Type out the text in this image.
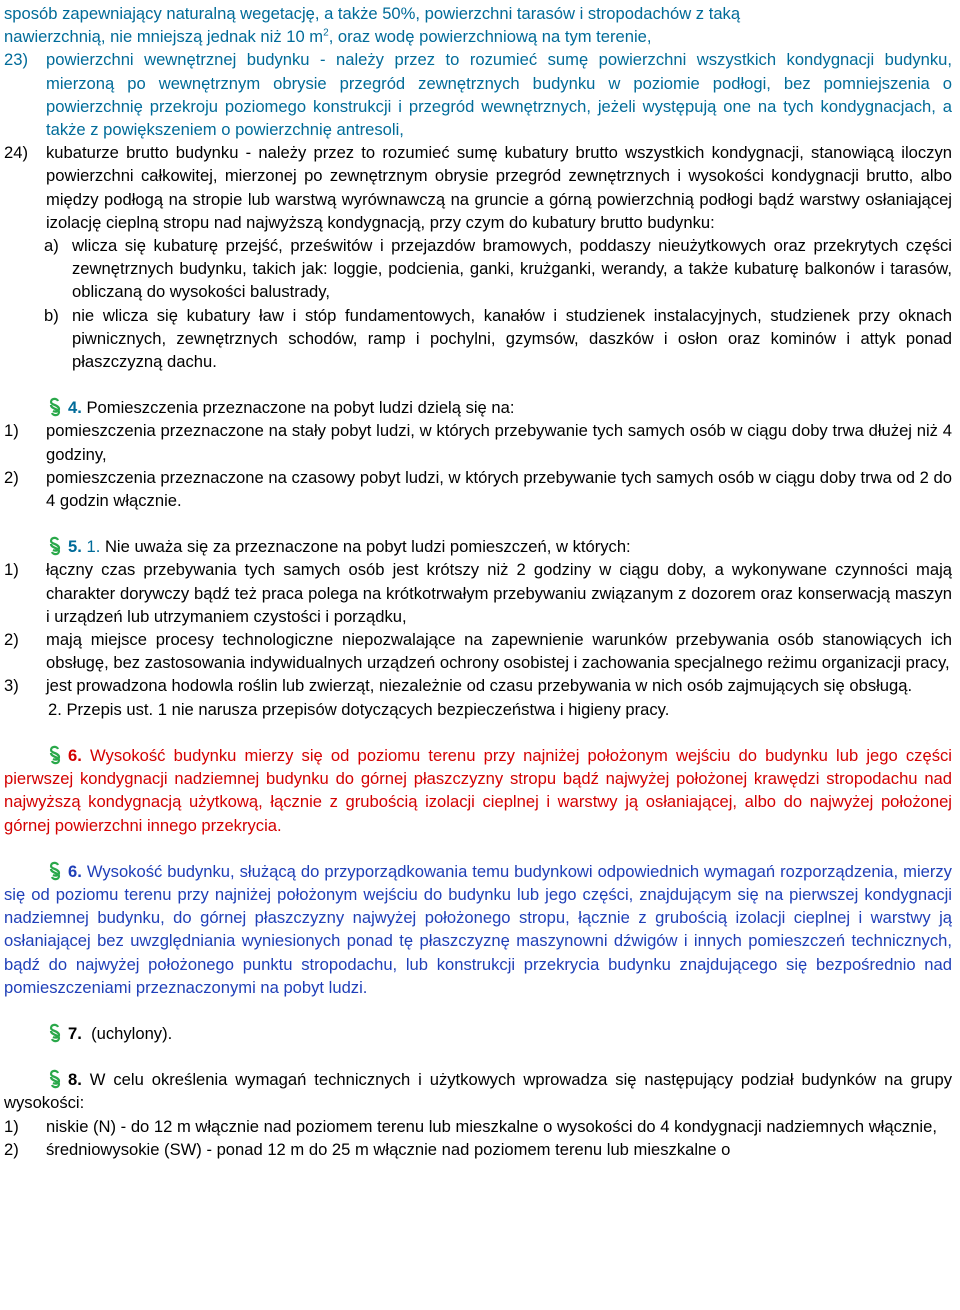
sposób zapewniający naturalną wegetację, a także 50%, powierzchni tarasów i stropodachów z taką
nawierzchnią, nie mniejszą jednak niż 10 $m^2$, oraz wodę powierzchniową na tym terenie,
23) powierzchni wewnętrznej budynku - należy przez to rozumieć sumę powierzchni wszystkich kondygnacji budynku, mierzoną po wewnętrznym obrysie przegród zewnętrznych budynku w poziomie podłogi, bez pomniejszenia o powierzchnię przekroju poziomego konstrukcji i przegród wewnętrznych, jeżeli występują one na tych kondygnacjach, a także z powiększeniem o powierzchnię antresoli,
24) kubaturze brutto budynku - należy przez to rozumieć sumę kubatury brutto wszystkich kondygnacji, stanowiącą iloczyn powierzchni całkowitej, mierzonej po zewnętrznym obrysie przegród zewnętrznych i wysokości kondygnacji brutto, albo między podłogą na stropie lub warstwą wyrównawczą na gruncie a górną powierzchnią podłogi bądź warstwy osłaniającej izolację cieplną stropu nad najwyższą kondygnacją, przy czym do kubatury brutto budynku:
a) wlicza się kubaturę przejść, prześwitów i przejazdów bramowych, poddaszy nieużytkowych oraz przekrytych części zewnętrznych budynku, takich jak: loggie, podcienia, ganki, krużganki, werandy, a także kubaturę balkonów i tarasów, obliczaną do wysokości balustrady,
b) nie wlicza się kubatury ław i stóp fundamentowych, kanałów i studzienek instalacyjnych, studzienek przy oknach piwnicznych, zewnętrznych schodów, ramp i pochylni, gzymsów, daszków i osłon oraz kominów i attyk ponad płaszczyzną dachu.
4. Pomieszczenia przeznaczone na pobyt ludzi dzielą się na:
1) pomieszczenia przeznaczone na stały pobyt ludzi, w których przebywanie tych samych osób w ciągu doby trwa dłużej niż 4 godziny,
2) pomieszczenia przeznaczone na czasowy pobyt ludzi, w których przebywanie tych samych osób w ciągu doby trwa od 2 do 4 godzin włącznie.
5. 1. Nie uważa się za przeznaczone na pobyt ludzi pomieszczeń, w których:
1) łączny czas przebywania tych samych osób jest krótszy niż 2 godziny w ciągu doby, a wykonywane czynności mają charakter dorywczy bądź też praca polega na krótkotrwałym przebywaniu związanym z dozorem oraz konserwacją maszyn i urządzeń lub utrzymaniem czystości i porządku,
2) mają miejsce procesy technologiczne niepozwalające na zapewnienie warunków przebywania osób stanowiących ich obsługę, bez zastosowania indywidualnych urządzeń ochrony osobistej i zachowania specjalnego reżimu organizacji pracy,
3) jest prowadzona hodowla roślin lub zwierząt, niezależnie od czasu przebywania w nich osób zajmujących się obsługą.
2. Przepis ust. 1 nie narusza przepisów dotyczących bezpieczeństwa i higieny pracy.
6. Wysokość budynku mierzy się od poziomu terenu przy najniżej położonym wejściu do budynku lub jego części pierwszej kondygnacji nadziemnej budynku do górnej płaszczyzny stropu bądź najwyżej położonej krawędzi stropodachu nad najwyższą kondygnacją użytkową, łącznie z grubością izolacji cieplnej i warstwy ją osłaniającej, albo do najwyżej położonej górnej powierzchni innego przekrycia.
6. Wysokość budynku, służącą do przyporządkowania temu budynkowi odpowiednich wymagań rozporządzenia, mierzy się od poziomu terenu przy najniżej położonym wejściu do budynku lub jego części, znajdującym się na pierwszej kondygnacji nadziemnej budynku, do górnej płaszczyzny najwyżej położonego stropu, łącznie z grubością izolacji cieplnej i warstwy ją osłaniającej bez uwzględniania wyniesionych ponad tę płaszczyznę maszynowni dźwigów i innych pomieszczeń technicznych, bądź do najwyżej położonego punktu stropodachu, lub konstrukcji przekrycia budynku znajdującego się bezpośrednio nad pomieszczeniami przeznaczonymi na pobyt ludzi.
7. (uchylony).
8. W celu określenia wymagań technicznych i użytkowych wprowadza się następujący podział budynków na grupy wysokości:
1) niskie (N) - do 12 m włącznie nad poziomem terenu lub mieszkalne o wysokości do 4 kondygnacji nadziemnych włącznie,
2) średniowysokie (SW) - ponad 12 m do 25 m włącznie nad poziomem terenu lub mieszkalne o
